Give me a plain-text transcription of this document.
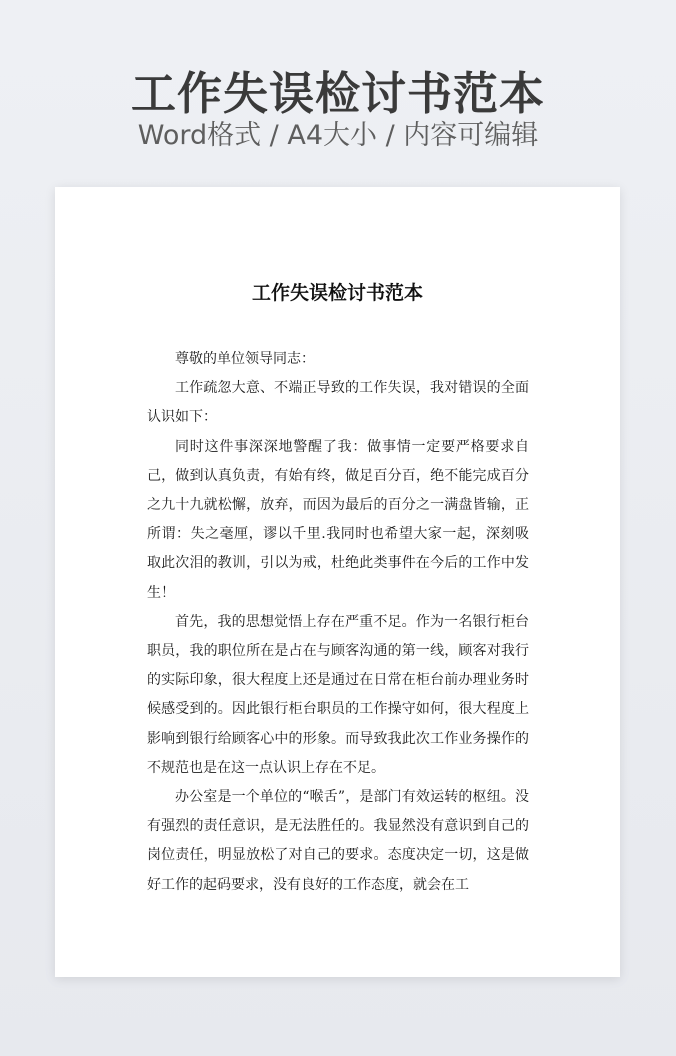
工作失误检讨书范本
Word格式 / A4大小 / 内容可编辑
工作失误检讨书范本

尊敬的单位领导同志：

工作疏忽大意、不端正导致的工作失误，我对错误的全面认识如下：

同时这件事深深地警醒了我：做事情一定要严格要求自己，做到认真负责，有始有终，做足百分百，绝不能完成百分之九十九就松懈，放弃，而因为最后的百分之一满盘皆输，正所谓：失之毫厘，谬以千里.我同时也希望大家一起，深刻吸取此次泪的教训，引以为戒，杜绝此类事件在今后的工作中发生！

首先，我的思想觉悟上存在严重不足。作为一名银行柜台职员，我的职位所在是占在与顾客沟通的第一线，顾客对我行的实际印象，很大程度上还是通过在日常在柜台前办理业务时候感受到的。因此银行柜台职员的工作操守如何，很大程度上影响到银行给顾客心中的形象。而导致我此次工作业务操作的不规范也是在这一点认识上存在不足。

办公室是一个单位的“喉舌”，是部门有效运转的枢纽。没有强烈的责任意识，是无法胜任的。我显然没有意识到自己的岗位责任，明显放松了对自己的要求。态度决定一切，这是做好工作的起码要求，没有良好的工作态度，就会在工
